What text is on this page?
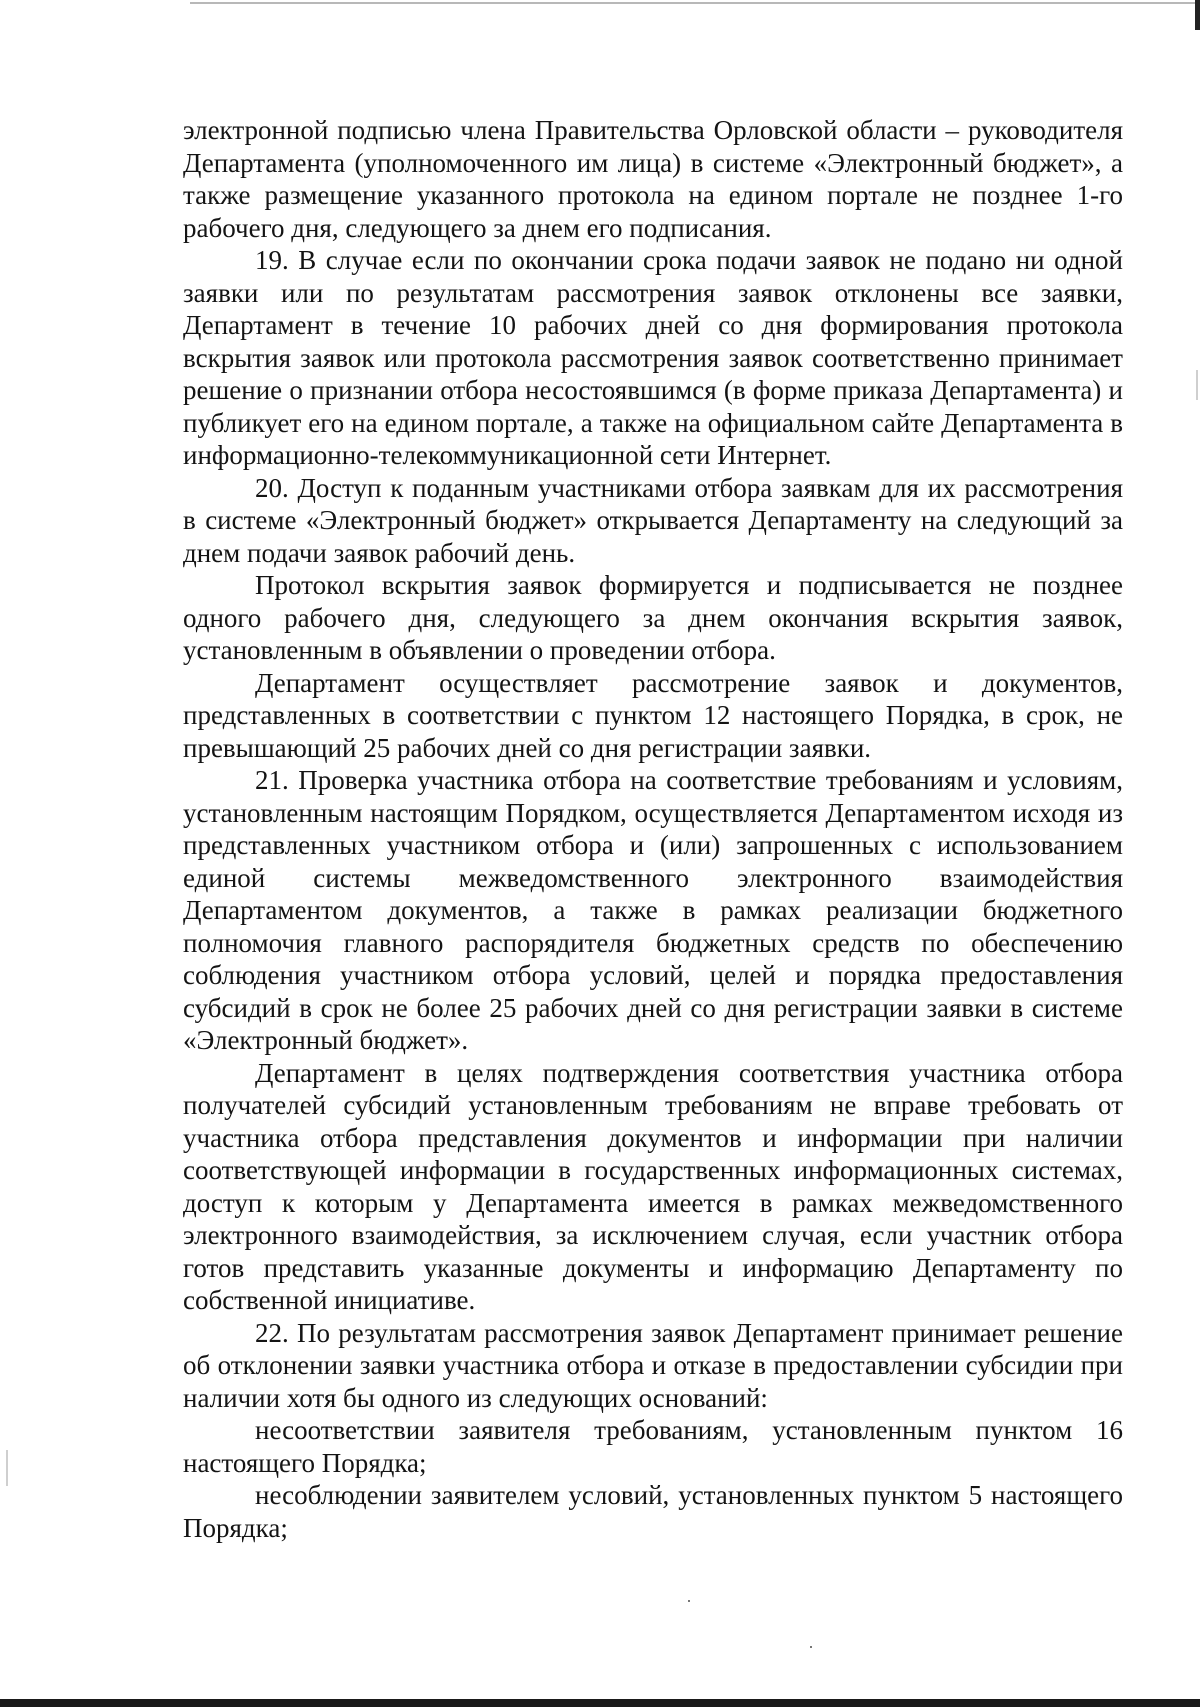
электронной подписью члена Правительства Орловской области – руководителя Департамента (уполномоченного им лица) в системе «Электронный бюджет», а также размещение указанного протокола на едином портале не позднее 1-го рабочего дня, следующего за днем его подписания.

19. В случае если по окончании срока подачи заявок не подано ни одной заявки или по результатам рассмотрения заявок отклонены все заявки, Департамент в течение 10 рабочих дней со дня формирования протокола вскрытия заявок или протокола рассмотрения заявок соответственно принимает решение о признании отбора несостоявшимся (в форме приказа Департамента) и публикует его на едином портале, а также на официальном сайте Департамента в информационно-телекоммуникационной сети Интернет.

20. Доступ к поданным участниками отбора заявкам для их рассмотрения в системе «Электронный бюджет» открывается Департаменту на следующий за днем подачи заявок рабочий день.

Протокол вскрытия заявок формируется и подписывается не позднее одного рабочего дня, следующего за днем окончания вскрытия заявок, установленным в объявлении о проведении отбора.

Департамент осуществляет рассмотрение заявок и документов, представленных в соответствии с пунктом 12 настоящего Порядка, в срок, не превышающий 25 рабочих дней со дня регистрации заявки.

21. Проверка участника отбора на соответствие требованиям и условиям, установленным настоящим Порядком, осуществляется Департаментом исходя из представленных участником отбора и (или) запрошенных с использованием единой системы межведомственного электронного взаимодействия Департаментом документов, а также в рамках реализации бюджетного полномочия главного распорядителя бюджетных средств по обеспечению соблюдения участником отбора условий, целей и порядка предоставления субсидий в срок не более 25 рабочих дней со дня регистрации заявки в системе «Электронный бюджет».

Департамент в целях подтверждения соответствия участника отбора получателей субсидий установленным требованиям не вправе требовать от участника отбора представления документов и информации при наличии соответствующей информации в государственных информационных системах, доступ к которым у Департамента имеется в рамках межведомственного электронного взаимодействия, за исключением случая, если участник отбора готов представить указанные документы и информацию Департаменту по собственной инициативе.

22. По результатам рассмотрения заявок Департамент принимает решение об отклонении заявки участника отбора и отказе в предоставлении субсидии при наличии хотя бы одного из следующих оснований:

несоответствии заявителя требованиям, установленным пунктом 16 настоящего Порядка;

несоблюдении заявителем условий, установленных пунктом 5 настоящего Порядка;
